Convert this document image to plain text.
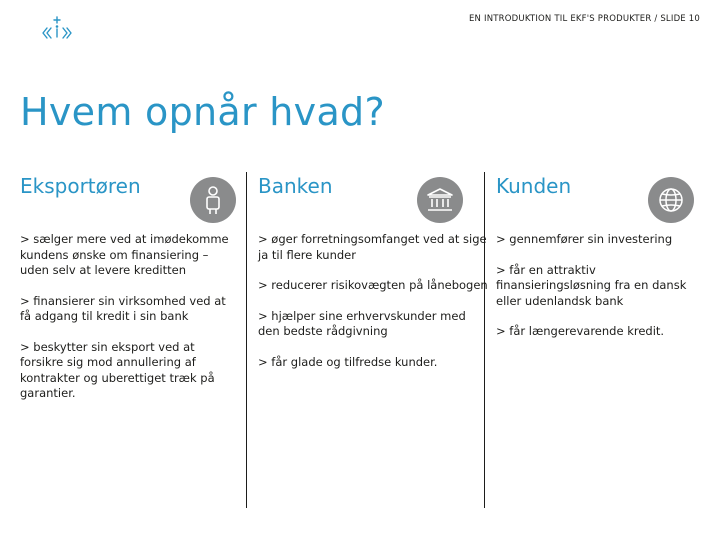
EN INTRODUKTION TIL EKF'S PRODUKTER / SLIDE 10
Hvem opnår hvad?
Eksportøren

> sælger mere ved at imødekomme kundens ønske om finansiering – uden selv at levere kreditten

> finansierer sin virksomhed ved at få adgang til kredit i sin bank

> beskytter sin eksport ved at forsikre sig mod annullering af kontrakter og uberettiget træk på garantier.

Banken

> øger forretningsomfanget ved at sige ja til flere kunder

> reducerer risikovægten på lånebogen

> hjælper sine erhvervskunder med den bedste rådgivning

> får glade og tilfredse kunder.

Kunden

> gennemfører sin investering

> får en attraktiv finansieringsløsning fra en dansk eller udenlandsk bank

> får længerevarende kredit.
